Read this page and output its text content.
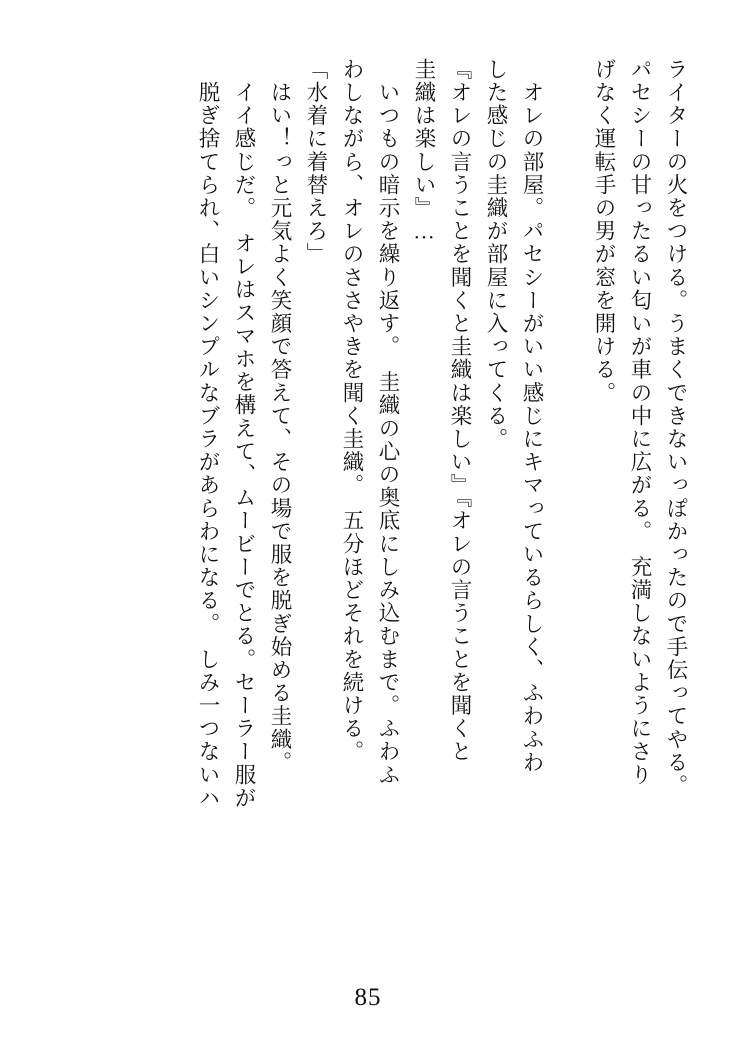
ライターの火をつける。うまくできないっぽかったので手伝ってやる。
パセシーの甘ったるい匂いが車の中に広がる。　充満しないようにさり
げなく運転手の男が窓を開ける。
　オレの部屋。パセシーがいい感じにキマっているらしく、ふわふわ
した感じの圭織が部屋に入ってくる。
『オレの言うことを聞くと圭織は楽しい』『オレの言うことを聞くと
圭織は楽しい』…
　いつもの暗示を繰り返す。　圭織の心の奥底にしみ込むまで。ふわふ
わしながら、オレのささやきを聞く圭織。　五分ほどそれを続ける。
「水着に着替えろ」
　はい！っと元気よく笑顔で答えて、その場で服を脱ぎ始める圭織。
　イイ感じだ。　オレはスマホを構えて、ムービーでとる。セーラー服が
　脱ぎ捨てられ、白いシンプルなブラがあらわになる。　しみ一つないハ
85
